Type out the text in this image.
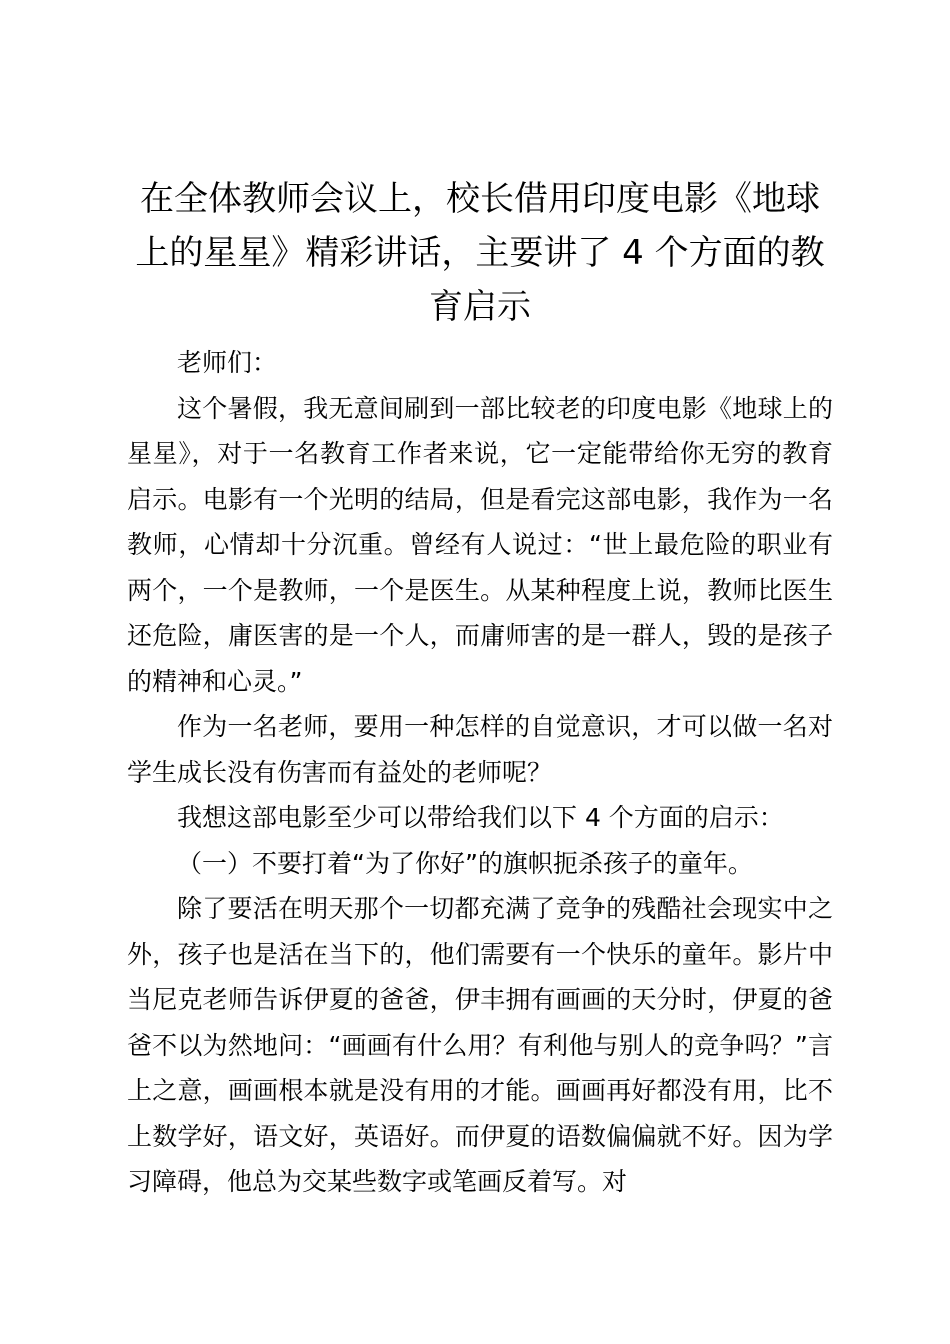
在全体教师会议上，校长借用印度电影《地球上的星星》精彩讲话，主要讲了 4 个方面的教育启示

老师们：

这个暑假，我无意间刷到一部比较老的印度电影《地球上的星星》，对于一名教育工作者来说，它一定能带给你无穷的教育启示。电影有一个光明的结局，但是看完这部电影，我作为一名教师，心情却十分沉重。曾经有人说过：“世上最危险的职业有两个，一个是教师，一个是医生。从某种程度上说，教师比医生还危险，庸医害的是一个人，而庸师害的是一群人，毁的是孩子的精神和心灵。”

作为一名老师，要用一种怎样的自觉意识，才可以做一名对学生成长没有伤害而有益处的老师呢？

我想这部电影至少可以带给我们以下 4 个方面的启示：

（一）不要打着“为了你好”的旗帜扼杀孩子的童年。

除了要活在明天那个一切都充满了竞争的残酷社会现实中之外，孩子也是活在当下的，他们需要有一个快乐的童年。影片中当尼克老师告诉伊夏的爸爸，伊丰拥有画画的天分时，伊夏的爸爸不以为然地问：“画画有什么用？有利他与别人的竞争吗？”言上之意，画画根本就是没有用的才能。画画再好都没有用，比不上数学好，语文好，英语好。而伊夏的语数偏偏就不好。因为学习障碍，他总为交某些数字或笔画反着写。对
